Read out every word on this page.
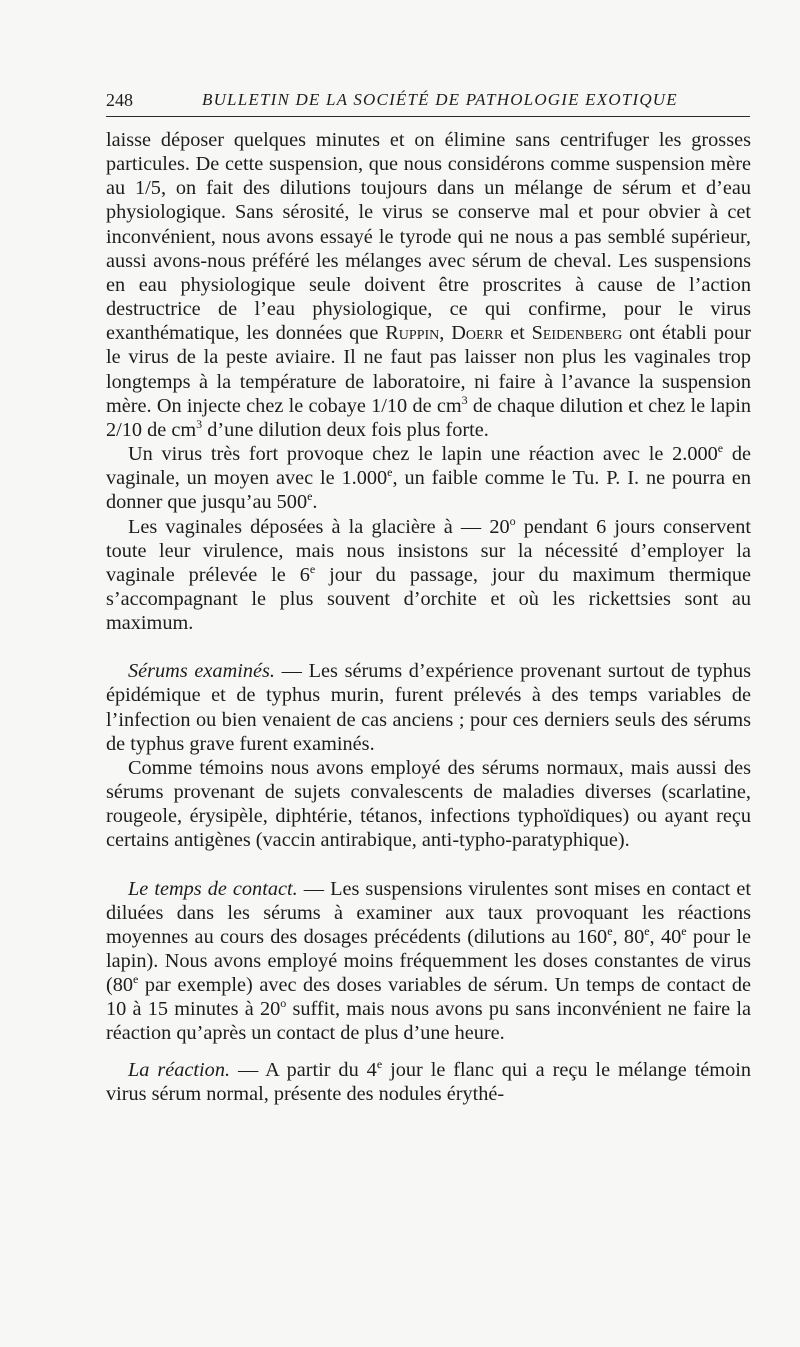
248	BULLETIN DE LA SOCIÉTÉ DE PATHOLOGIE EXOTIQUE

laisse déposer quelques minutes et on élimine sans centrifuger les grosses particules. De cette suspension, que nous considérons comme suspension mère au 1/5, on fait des dilutions toujours dans un mélange de sérum et d’eau physiologique. Sans sérosité, le virus se conserve mal et pour obvier à cet inconvénient, nous avons essayé le tyrode qui ne nous a pas semblé supérieur, aussi avons-nous préféré les mélanges avec sérum de cheval. Les suspensions en eau physiologique seule doivent être proscrites à cause de l’action destructrice de l’eau physiologique, ce qui confirme, pour le virus exanthématique, les données que Ruppin, Doerr et Seidenberg ont établi pour le virus de la peste aviaire. Il ne faut pas laisser non plus les vaginales trop longtemps à la température de laboratoire, ni faire à l’avance la suspension mère. On injecte chez le cobaye 1/10 de $cm^3$ de chaque dilution et chez le lapin 2/10 de $cm^3$ d’une dilution deux fois plus forte.

Un virus très fort provoque chez le lapin une réaction avec le 2.000e de vaginale, un moyen avec le 1.000e, un faible comme le Tu. P. I. ne pourra en donner que jusqu’au 500e.

Les vaginales déposées à la glacière à — 20$^o$ pendant 6 jours conservent toute leur virulence, mais nous insistons sur la nécessité d’employer la vaginale prélevée le 6e jour du passage, jour du maximum thermique s’accompagnant le plus souvent d’orchite et où les rickettsies sont au maximum.

Sérums examinés. — Les sérums d’expérience provenant surtout de typhus épidémique et de typhus murin, furent prélevés à des temps variables de l’infection ou bien venaient de cas anciens ; pour ces derniers seuls des sérums de typhus grave furent examinés.

Comme témoins nous avons employé des sérums normaux, mais aussi des sérums provenant de sujets convalescents de maladies diverses (scarlatine, rougeole, érysipèle, diphtérie, tétanos, infections typhoïdiques) ou ayant reçu certains antigènes (vaccin antirabique, anti-typho-paratyphique).

Le temps de contact. — Les suspensions virulentes sont mises en contact et diluées dans les sérums à examiner aux taux provoquant les réactions moyennes au cours des dosages précédents (dilutions au 160e, 80e, 40e pour le lapin). Nous avons employé moins fréquemment les doses constantes de virus (80e par exemple) avec des doses variables de sérum. Un temps de contact de 10 à 15 minutes à 20$^o$ suffit, mais nous avons pu sans inconvénient ne faire la réaction qu’après un contact de plus d’une heure.

La réaction. — A partir du 4e jour le flanc qui a reçu le mélange témoin virus sérum normal, présente des nodules érythé-
